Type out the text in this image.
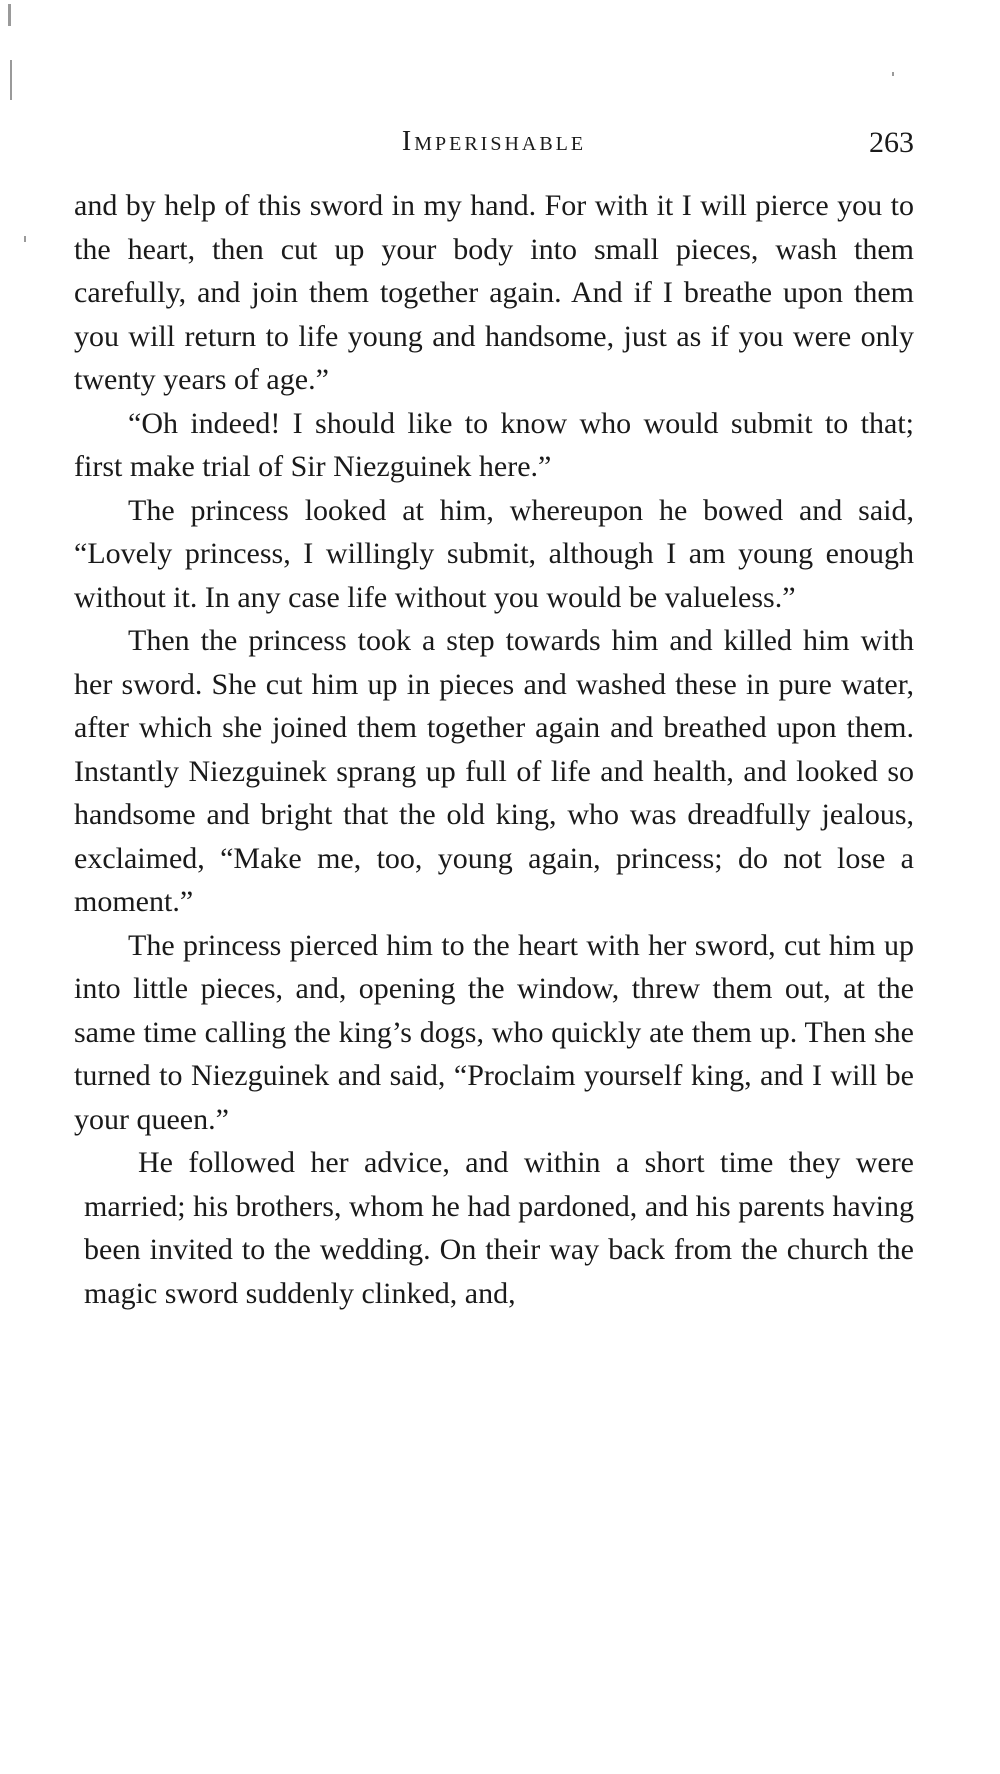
Imperishable	263

and by help of this sword in my hand. For with it I will pierce you to the heart, then cut up your body into small pieces, wash them carefully, and join them together again. And if I breathe upon them you will return to life young and handsome, just as if you were only twenty years of age.”

“Oh indeed! I should like to know who would submit to that; first make trial of Sir Niezguinek here.”

The princess looked at him, whereupon he bowed and said, “Lovely princess, I willingly submit, although I am young enough without it. In any case life without you would be valueless.”

Then the princess took a step towards him and killed him with her sword. She cut him up in pieces and washed these in pure water, after which she joined them together again and breathed upon them. Instantly Niezguinek sprang up full of life and health, and looked so handsome and bright that the old king, who was dreadfully jealous, exclaimed, “Make me, too, young again, princess; do not lose a moment.”

The princess pierced him to the heart with her sword, cut him up into little pieces, and, opening the window, threw them out, at the same time calling the king’s dogs, who quickly ate them up. Then she turned to Niezguinek and said, “Proclaim yourself king, and I will be your queen.”

He followed her advice, and within a short time they were married; his brothers, whom he had pardoned, and his parents having been invited to the wedding. On their way back from the church the magic sword suddenly clinked, and,
